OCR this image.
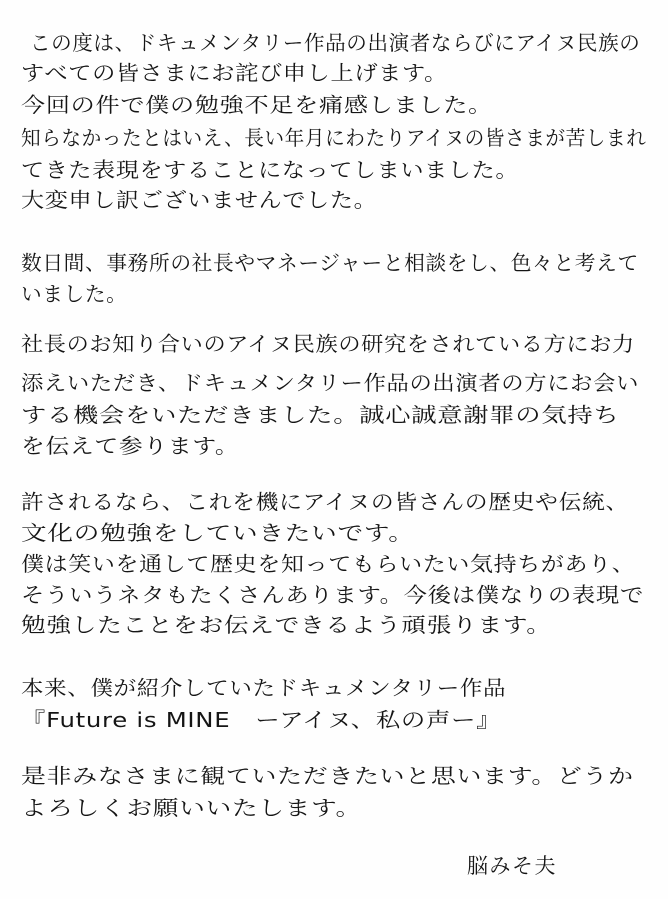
この度は、ドキュメンタリー作品の出演者ならびにアイヌ民族の
すべての皆さまにお詫び申し上げます。
今回の件で僕の勉強不足を痛感しました。
知らなかったとはいえ、長い年月にわたりアイヌの皆さまが苦しまれ
てきた表現をすることになってしまいました。
大変申し訳ございませんでした。
数日間、事務所の社長やマネージャーと相談をし、色々と考えて
いました。
社長のお知り合いのアイヌ民族の研究をされている方にお力
添えいただき、ドキュメンタリー作品の出演者の方にお会い
する機会をいただきました。誠心誠意謝罪の気持ち
を伝えて参ります。
許されるなら、これを機にアイヌの皆さんの歴史や伝統、
文化の勉強をしていきたいです。
僕は笑いを通して歴史を知ってもらいたい気持ちがあり、
そういうネタもたくさんあります。今後は僕なりの表現で
勉強したことをお伝えできるよう頑張ります。
本来、僕が紹介していたドキュメンタリー作品
『Future is MINE　ーアイヌ、私の声ー』
是非みなさまに観ていただきたいと思います。どうか
よろしくお願いいたします。
脳みそ夫
